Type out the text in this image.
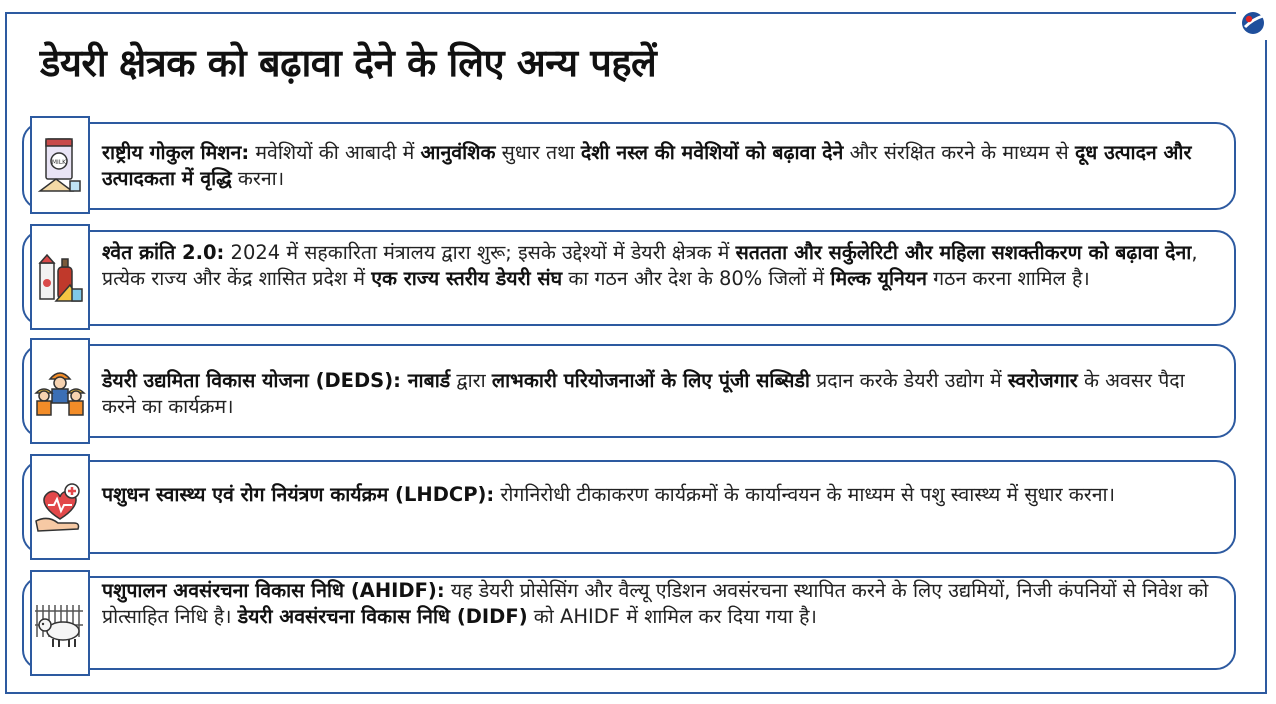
डेयरी क्षेत्रक को बढ़ावा देने के लिए अन्य पहलें
MILK राष्ट्रीय गोकुल मिशन: मवेशियों की आबादी में आनुवंशिक सुधार तथा देशी नस्ल की मवेशियों को बढ़ावा देने और संरक्षित करने के माध्यम से दूध उत्पादन और उत्पादकता में वृद्धि करना।
श्वेत क्रांति 2.0: 2024 में सहकारिता मंत्रालय द्वारा शुरू; इसके उद्देश्यों में डेयरी क्षेत्रक में सततता और सर्कुलेरिटी और महिला सशक्तीकरण को बढ़ावा देना, प्रत्येक राज्य और केंद्र शासित प्रदेश में एक राज्य स्तरीय डेयरी संघ का गठन और देश के 80% जिलों में मिल्क यूनियन गठन करना शामिल है।
डेयरी उद्यमिता विकास योजना (DEDS): नाबार्ड द्वारा लाभकारी परियोजनाओं के लिए पूंजी सब्सिडी प्रदान करके डेयरी उद्योग में स्वरोजगार के अवसर पैदा करने का कार्यक्रम।
पशुधन स्वास्थ्य एवं रोग नियंत्रण कार्यक्रम (LHDCP): रोगनिरोधी टीकाकरण कार्यक्रमों के कार्यान्वयन के माध्यम से पशु स्वास्थ्य में सुधार करना।
पशुपालन अवसंरचना विकास निधि (AHIDF): यह डेयरी प्रोसेसिंग और वैल्यू एडिशन अवसंरचना स्थापित करने के लिए उद्यमियों, निजी कंपनियों से निवेश को प्रोत्साहित निधि है। डेयरी अवसंरचना विकास निधि (DIDF) को AHIDF में शामिल कर दिया गया है।
